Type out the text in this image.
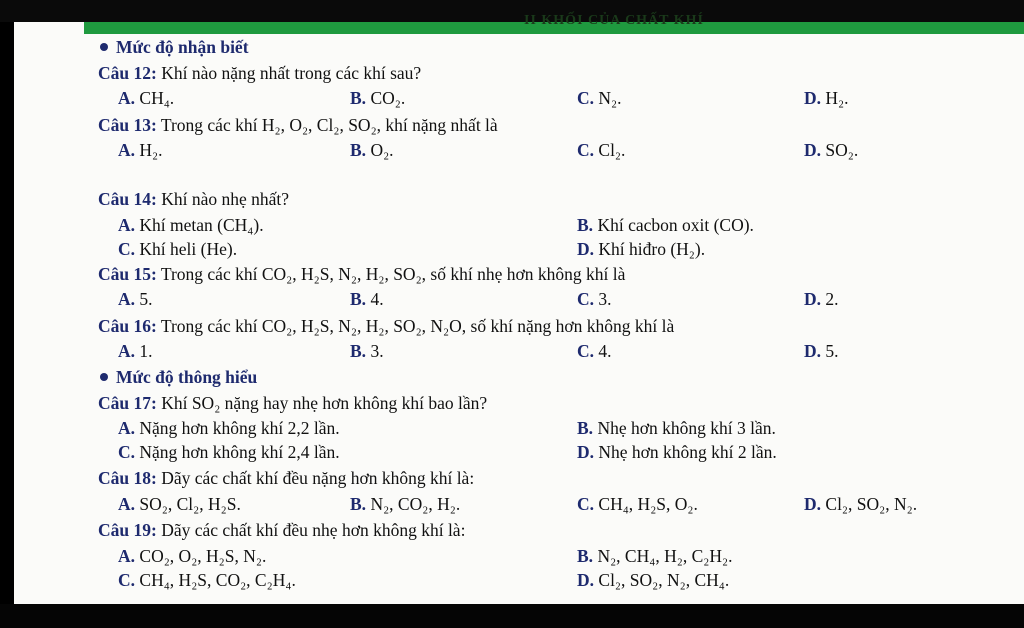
II KHỐI CỦA CHẤT KHÍ
Mức độ nhận biết
Câu 12: Khí nào nặng nhất trong các khí sau?
A. CH₄.	B. CO₂.	C. N₂.	D. H₂.
Câu 13: Trong các khí H₂, O₂, Cl₂, SO₂, khí nặng nhất là
A. H₂.	B. O₂.	C. Cl₂.	D. SO₂.
Câu 14: Khí nào nhẹ nhất?
A. Khí metan (CH₄).	B. Khí cacbon oxit (CO).
C. Khí heli (He).	D. Khí hiđro (H₂).
Câu 15: Trong các khí CO₂, H₂S, N₂, H₂, SO₂, số khí nhẹ hơn không khí là
A. 5.	B. 4.	C. 3.	D. 2.
Câu 16: Trong các khí CO₂, H₂S, N₂, H₂, SO₂, N₂O, số khí nặng hơn không khí là
A. 1.	B. 3.	C. 4.	D. 5.
Mức độ thông hiểu
Câu 17: Khí SO₂ nặng hay nhẹ hơn không khí bao lần?
A. Nặng hơn không khí 2,2 lần.	B. Nhẹ hơn không khí 3 lần.
C. Nặng hơn không khí 2,4 lần.	D. Nhẹ hơn không khí 2 lần.
Câu 18: Dãy các chất khí đều nặng hơn không khí là:
A. SO₂, Cl₂, H₂S.	B. N₂, CO₂, H₂.	C. CH₄, H₂S, O₂.	D. Cl₂, SO₂, N₂.
Câu 19: Dãy các chất khí đều nhẹ hơn không khí là:
A. CO₂, O₂, H₂S, N₂.	B. N₂, CH₄, H₂, C₂H₂.
C. CH₄, H₂S, CO₂, C₂H₄.	D. Cl₂, SO₂, N₂, CH₄.
